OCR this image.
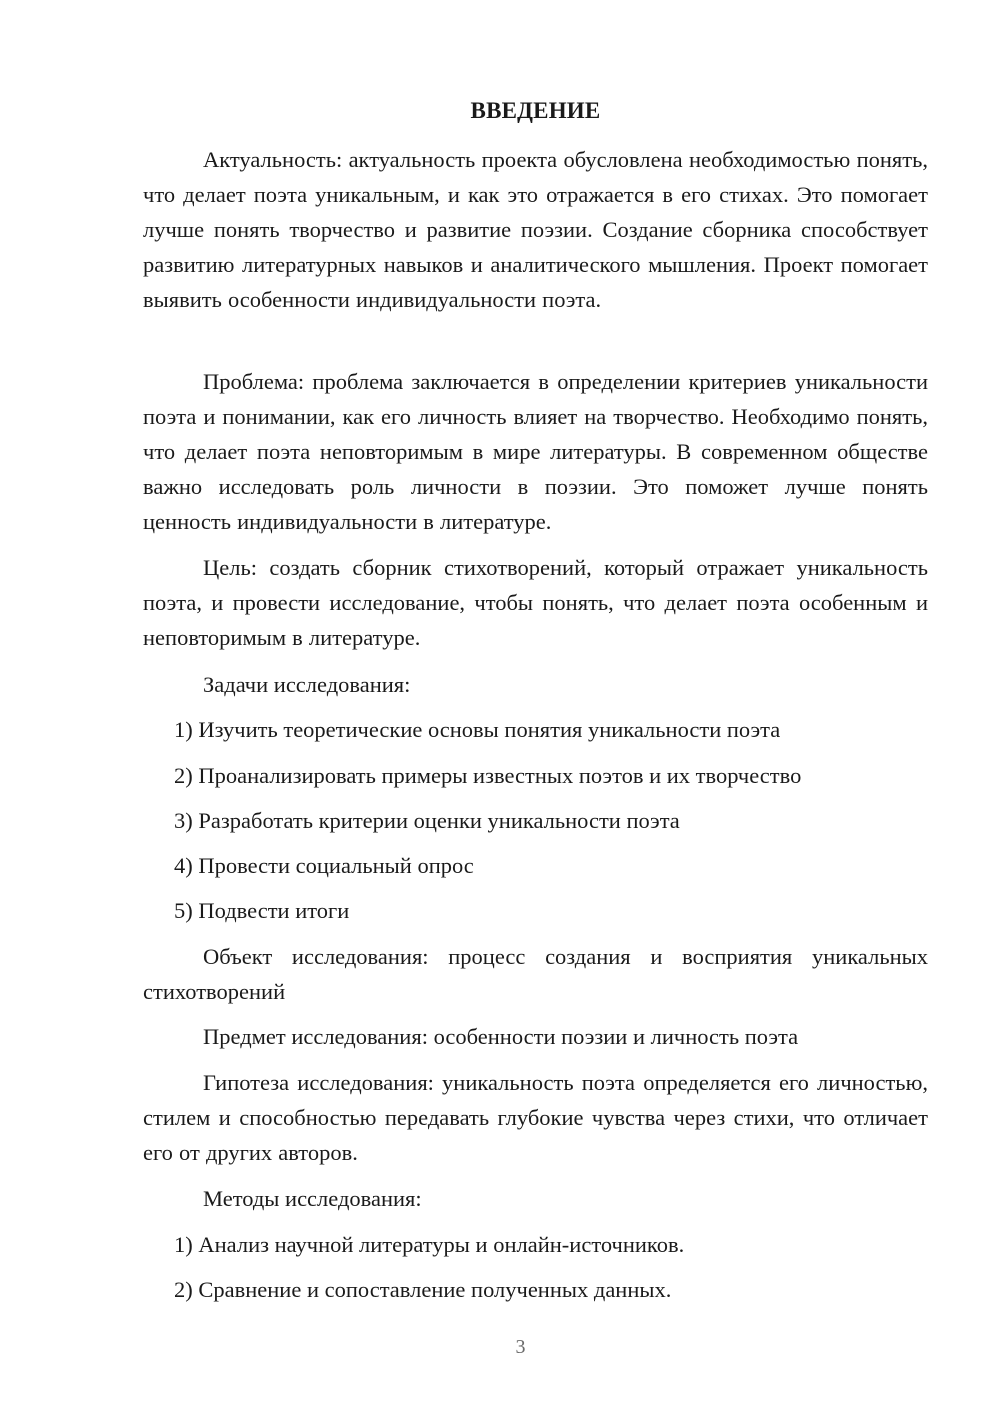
ВВЕДЕНИЕ

Актуальность: актуальность проекта обусловлена необходимостью понять, что делает поэта уникальным, и как это отражается в его стихах. Это помогает лучше понять творчество и развитие поэзии. Создание сборника способствует развитию литературных навыков и аналитического мышления. Проект помогает выявить особенности индивидуальности поэта.

Проблема: проблема заключается в определении критериев уникальности поэта и понимании, как его личность влияет на творчество. Необходимо понять, что делает поэта неповторимым в мире литературы. В современном обществе важно исследовать роль личности в поэзии. Это поможет лучше понять ценность индивидуальности в литературе.

Цель: создать сборник стихотворений, который отражает уникальность поэта, и провести исследование, чтобы понять, что делает поэта особенным и неповторимым в литературе.

Задачи исследования:

1) Изучить теоретические основы понятия уникальности поэта

2) Проанализировать примеры известных поэтов и их творчество

3) Разработать критерии оценки уникальности поэта

4) Провести социальный опрос

5) Подвести итоги

Объект исследования: процесс создания и восприятия уникальных стихотворений

Предмет исследования: особенности поэзии и личность поэта

Гипотеза исследования: уникальность поэта определяется его личностью, стилем и способностью передавать глубокие чувства через стихи, что отличает его от других авторов.

Методы исследования:

1) Анализ научной литературы и онлайн-источников.

2) Сравнение и сопоставление полученных данных.

3
